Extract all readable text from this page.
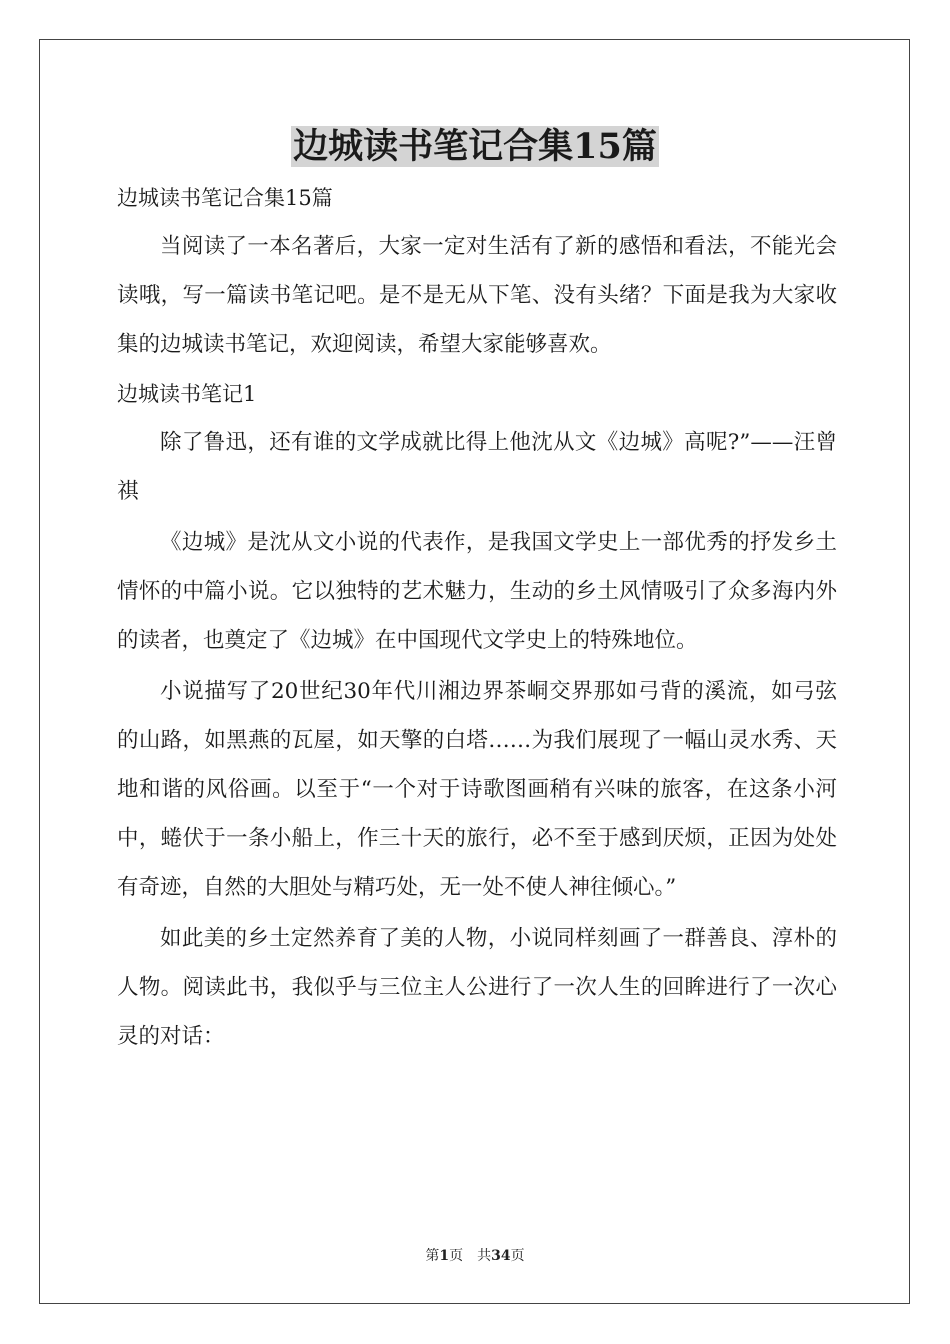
边城读书笔记合集15篇
边城读书笔记合集15篇

当阅读了一本名著后，大家一定对生活有了新的感悟和看法，不能光会读哦，写一篇读书笔记吧。是不是无从下笔、没有头绪？下面是我为大家收集的边城读书笔记，欢迎阅读，希望大家能够喜欢。

边城读书笔记1

除了鲁迅，还有谁的文学成就比得上他沈从文《边城》高呢?”——汪曾祺

《边城》是沈从文小说的代表作，是我国文学史上一部优秀的抒发乡土情怀的中篇小说。它以独特的艺术魅力，生动的乡土风情吸引了众多海内外的读者，也奠定了《边城》在中国现代文学史上的特殊地位。

小说描写了20世纪30年代川湘边界茶峒交界那如弓背的溪流，如弓弦的山路，如黑燕的瓦屋，如天擎的白塔……为我们展现了一幅山灵水秀、天地和谐的风俗画。以至于“一个对于诗歌图画稍有兴味的旅客，在这条小河中，蜷伏于一条小船上，作三十天的旅行，必不至于感到厌烦，正因为处处有奇迹，自然的大胆处与精巧处，无一处不使人神往倾心。”

如此美的乡土定然养育了美的人物，小说同样刻画了一群善良、淳朴的人物。阅读此书，我似乎与三位主人公进行了一次人生的回眸进行了一次心灵的对话：

第1页　共34页
